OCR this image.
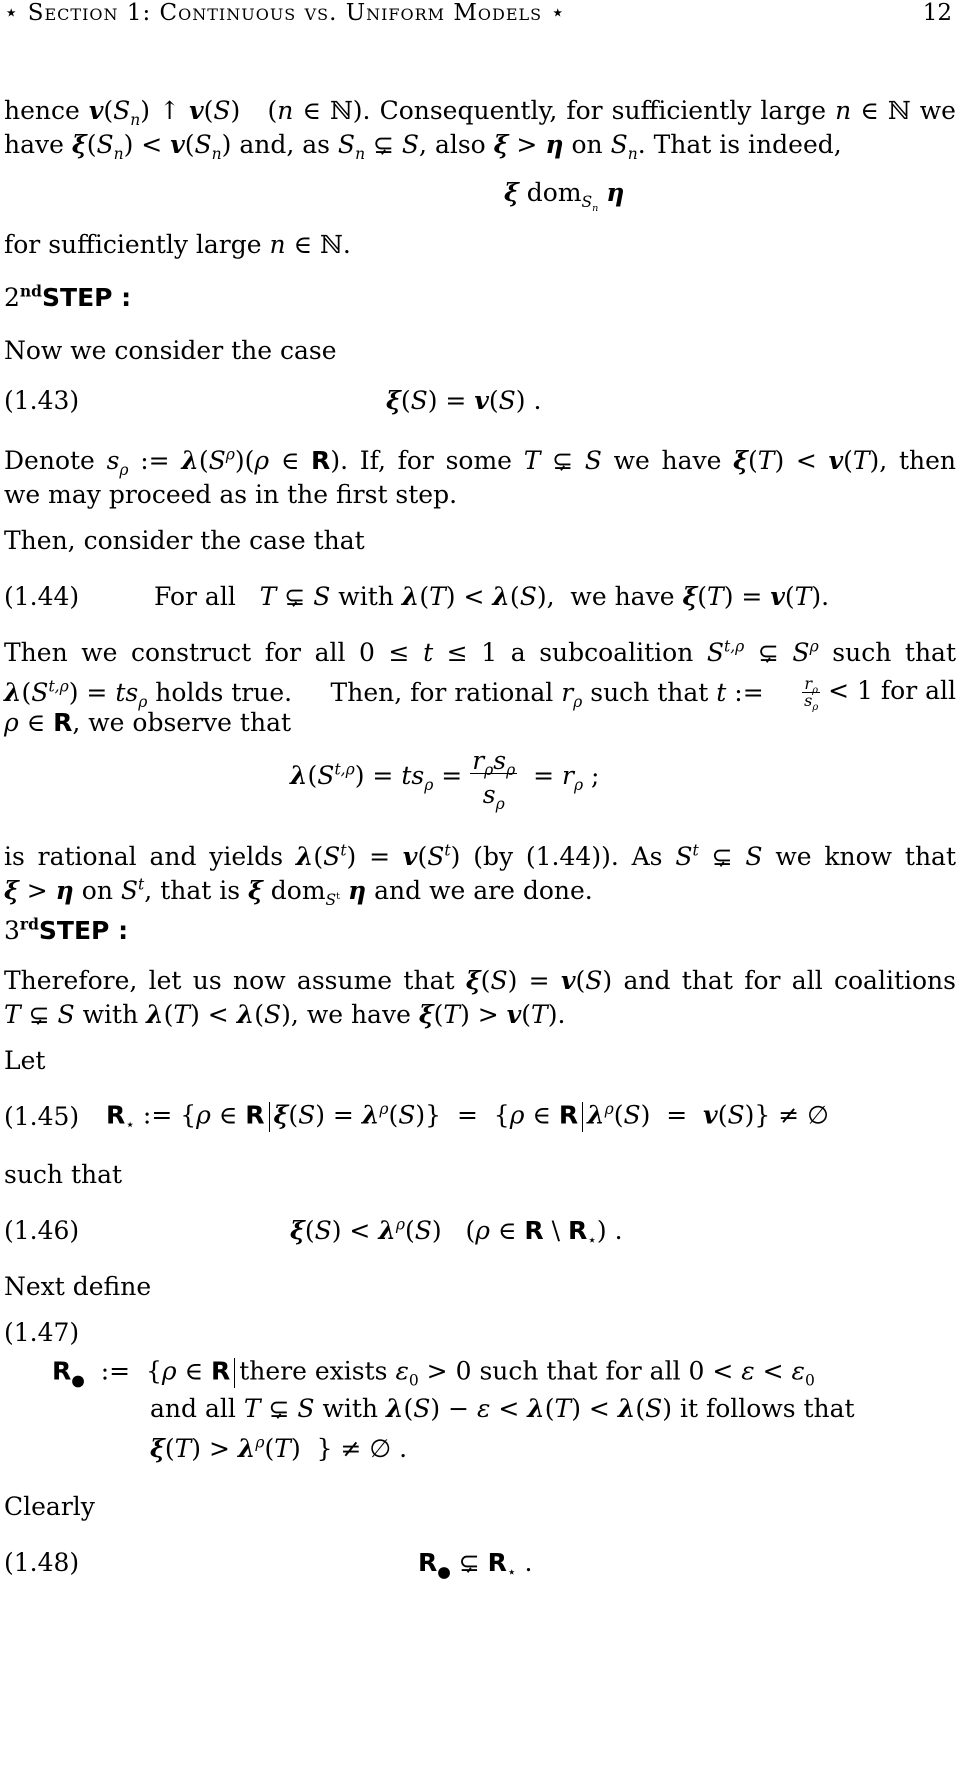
⋆ Section 1: Continuous vs. Uniform Models ⋆	12
hence $v(S_n)$ ↑ v(S)   (n ∈ ℕ). Consequently, for sufficiently large n ∈ ℕ we
have $\xi(S_n) < v(S_n)$ and, as $S_n$ ⊊ S, also ξ > η on $S_n$. That is indeed,
ξ dom$_{S_n}$ η
for sufficiently large n ∈ ℕ.
2ndSTEP :
Now we consider the case
(1.43)	ξ(S) = v(S) .
Denote $s_\rho$ := $\lambda(S^\rho)(\rho$ ∈ R). If, for some T ⊊ S we have ξ(T) < v(T), then
we may proceed as in the first step.
Then, consider the case that
(1.44)	For all T ⊊ S with λ(T) < λ(S),  we have ξ(T) = v(T).
Then we construct for all 0 ≤ t ≤ 1 a subcoalition $S^{t,\rho}$ ⊊ $S^\rho$ such that
$\lambda(S^{t,\rho}) = ts_\rho$ holds true. Then, for rational $r_\rho$ such that t := $\frac{r_\rho}{s_\rho} < 1$ for all
ρ ∈ R, we observe that
$\lambda(S^{t,\rho}) = ts_\rho = \frac{r_\rho s_\rho}{s_\rho} = r_\rho$ ;
is rational and yields $\lambda(S^t) = v(S^t)$ (by (1.44)). As $S^t$ ⊊ S we know that
ξ > η on $S^t$, that is ξ dom$_{S^t}$ η and we are done.
3rdSTEP :
Therefore, let us now assume that ξ(S) = v(S) and that for all coalitions
T ⊊ S with λ(T) < λ(S), we have ξ(T) > v(T).
Let
(1.45) $R_⋆$ := {ρ ∈ R $\xi(S) = \lambda^\rho(S)\} = \{\rho$ ∈ R $\lambda^\rho(S) = v(S)$} ≠ ∅
such that
(1.46)	$\xi(S) < \lambda^\rho(S)$   (ρ ∈ R \ $R_⋆$) .
Next define
(1.47)
$R_●$  :=  {ρ ∈ R there exists $\varepsilon_0 > 0$ such that for all $0 < \varepsilon < \varepsilon_0$
and all T ⊊ S with λ(S) − ε < λ(T) < λ(S) it follows that
$\xi(T) > \lambda^\rho(T)$  } ≠ ∅ .
Clearly
(1.48)	$R_●$ ⊊ $R_⋆$ .
